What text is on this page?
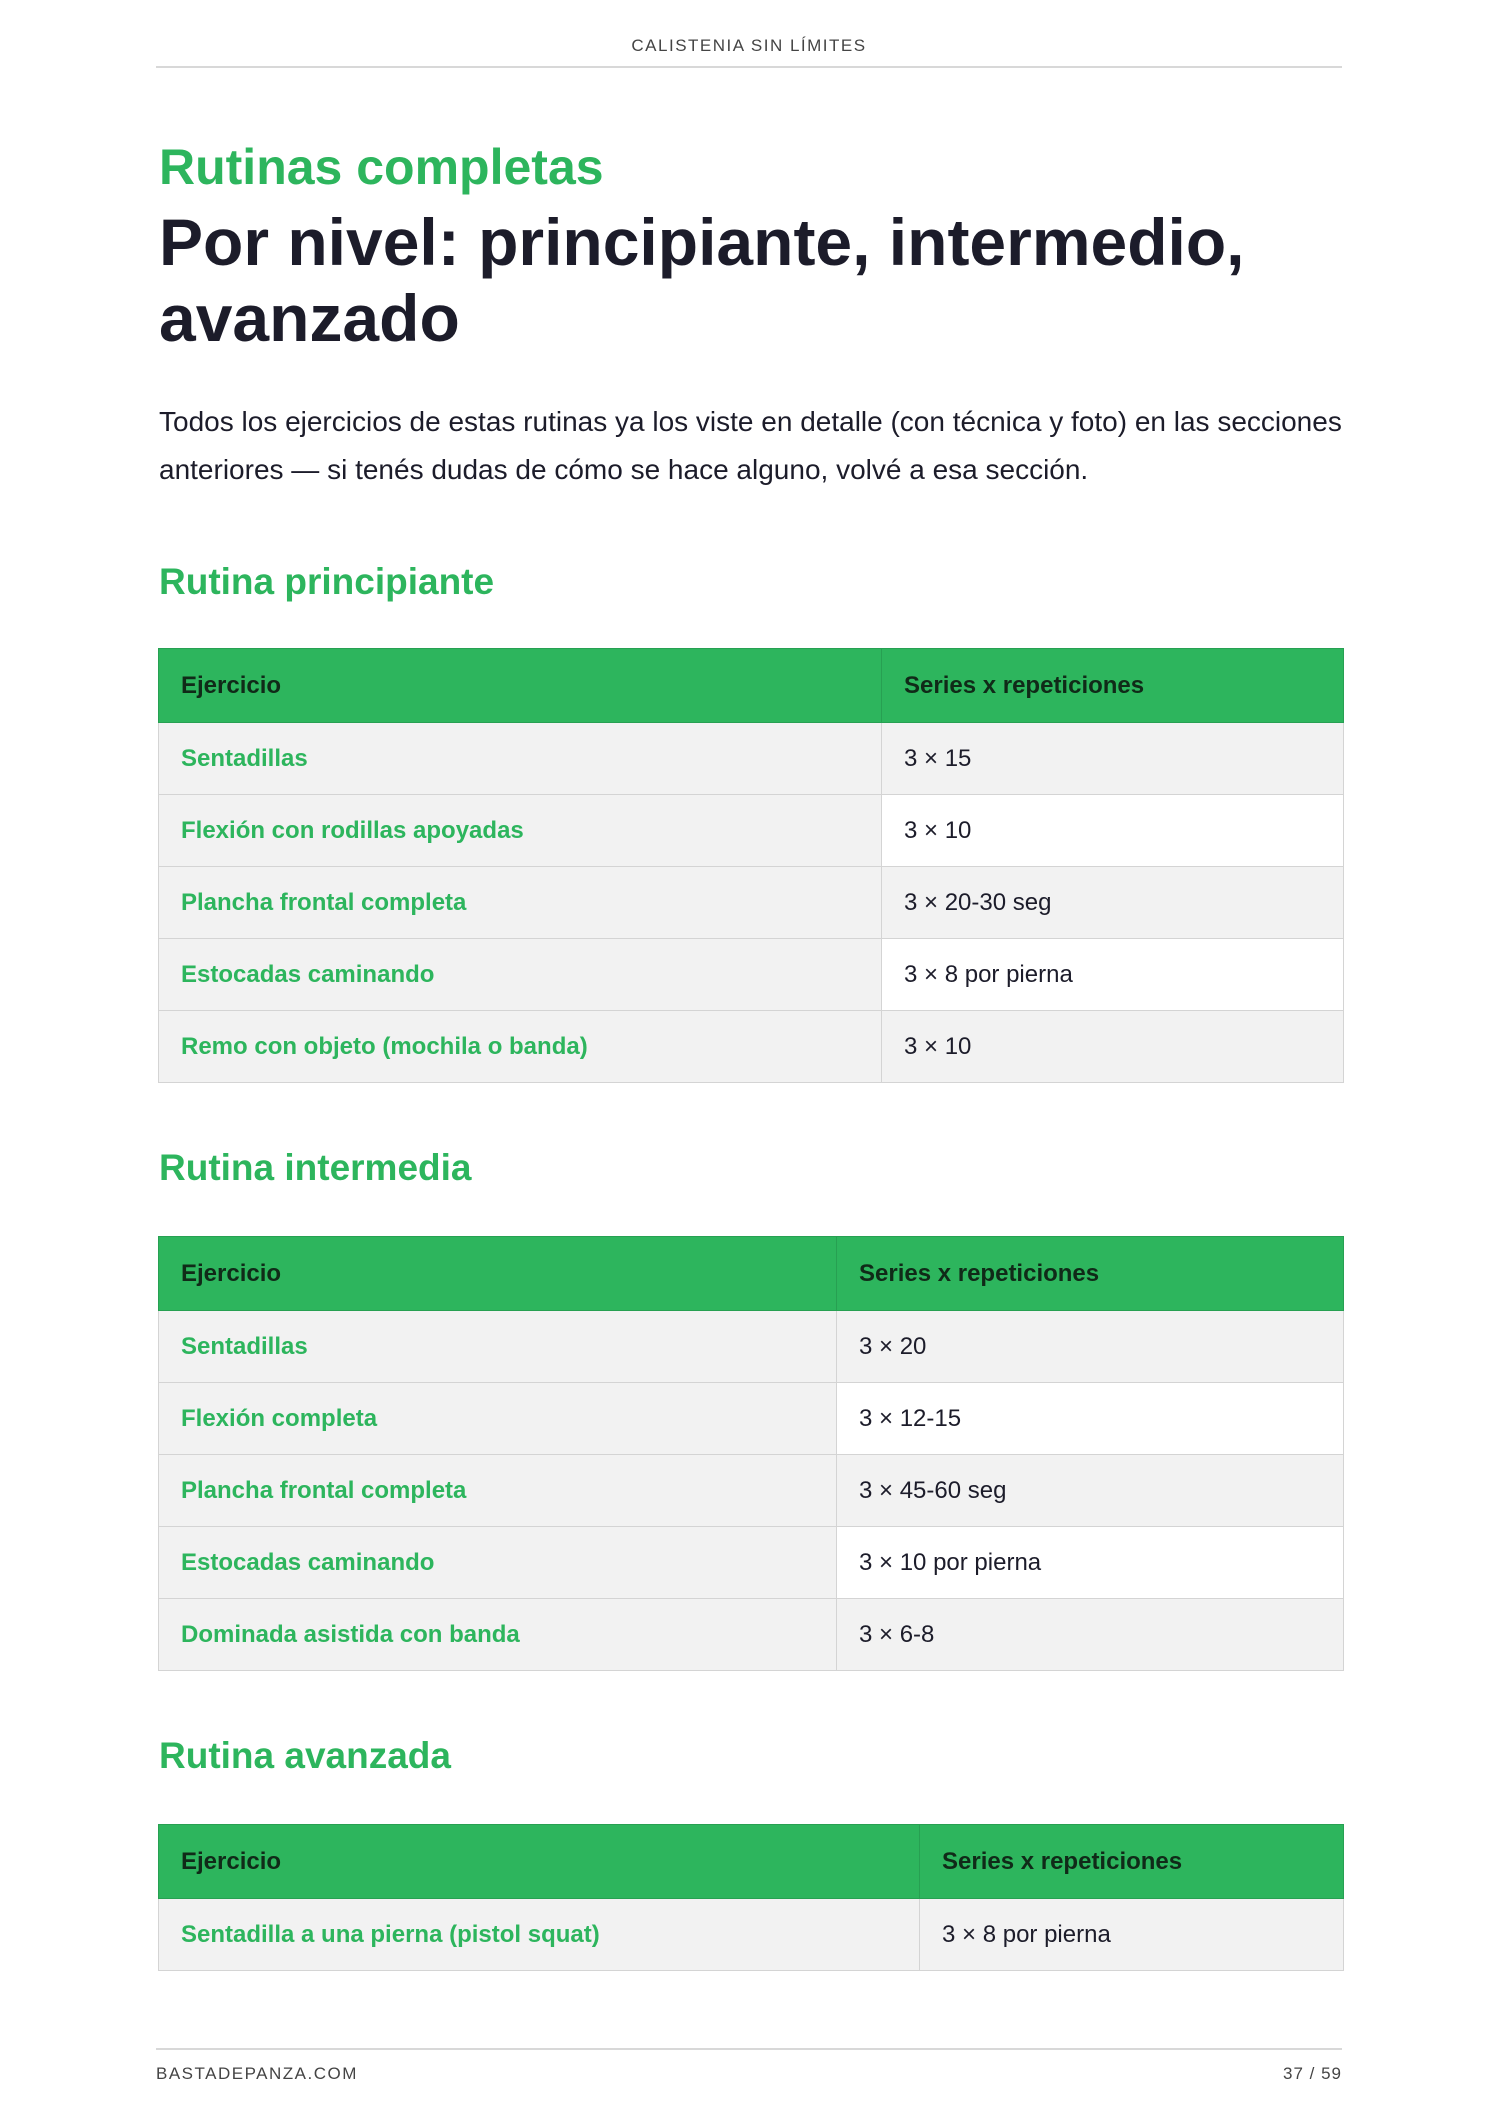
CALISTENIA SIN LÍMITES
Rutinas completas
Por nivel: principiante, intermedio, avanzado

Todos los ejercicios de estas rutinas ya los viste en detalle (con técnica y foto) en las secciones anteriores — si tenés dudas de cómo se hace alguno, volvé a esa sección.

Rutina principiante
Ejercicio	Series x repeticiones
Sentadillas	3 × 15
Flexión con rodillas apoyadas	3 × 10
Plancha frontal completa	3 × 20-30 seg
Estocadas caminando	3 × 8 por pierna
Remo con objeto (mochila o banda)	3 × 10
Rutina intermedia
Ejercicio	Series x repeticiones
Sentadillas	3 × 20
Flexión completa	3 × 12-15
Plancha frontal completa	3 × 45-60 seg
Estocadas caminando	3 × 10 por pierna
Dominada asistida con banda	3 × 6-8
Rutina avanzada
Ejercicio	Series x repeticiones
Sentadilla a una pierna (pistol squat)	3 × 8 por pierna
BASTADEPANZA.COM	37 / 59
